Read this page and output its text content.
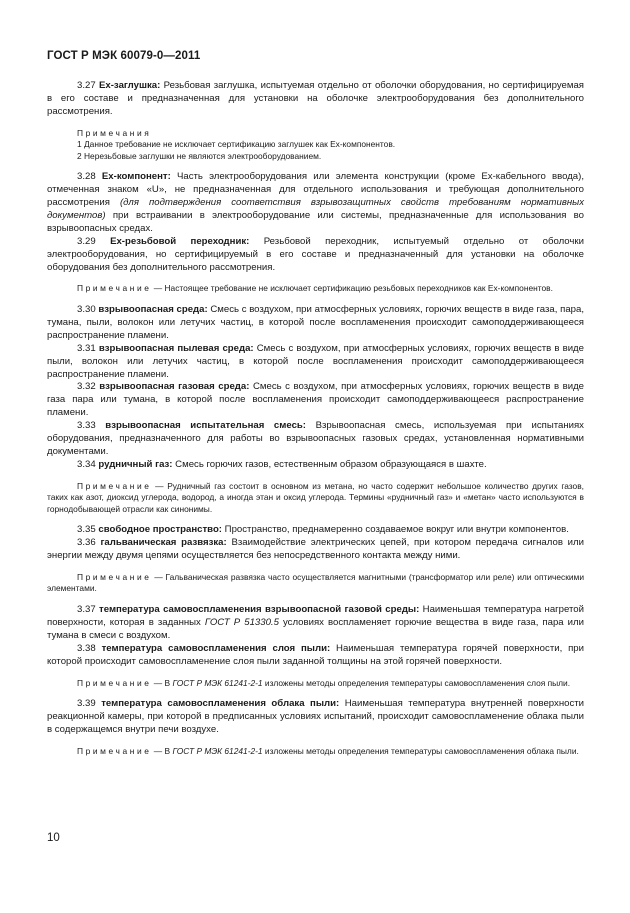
ГОСТ Р МЭК 60079-0—2011

3.27 Ex-заглушка: Резьбовая заглушка, испытуемая отдельно от оболочки оборудования, но сертифицируемая в его составе и предназначенная для установки на оболочке электрооборудования без дополнительного рассмотрения.

Примечания
1 Данное требование не исключает сертификацию заглушек как Ex-компонентов.
2 Нерезьбовые заглушки не являются электрооборудованием.

3.28 Ex-компонент: Часть электрооборудования или элемента конструкции (кроме Ex-кабельного ввода), отмеченная знаком «U», не предназначенная для отдельного использования и требующая дополнительного рассмотрения (для подтверждения соответствия взрывозащитных свойств требованиям нормативных документов) при встраивании в электрооборудование или системы, предназначенные для использования во взрывоопасных средах.

3.29 Ex-резьбовой переходник: Резьбовой переходник, испытуемый отдельно от оболочки электрооборудования, но сертифицируемый в его составе и предназначенный для установки на оболочке оборудования без дополнительного рассмотрения.

Примечание — Настоящее требование не исключает сертификацию резьбовых переходников как Ex-компонентов.

3.30 взрывоопасная среда: Смесь с воздухом, при атмосферных условиях, горючих веществ в виде газа, пара, тумана, пыли, волокон или летучих частиц, в которой после воспламенения происходит самоподдерживающееся распространение пламени.

3.31 взрывоопасная пылевая среда: Смесь с воздухом, при атмосферных условиях, горючих веществ в виде пыли, волокон или летучих частиц, в которой после воспламенения происходит самоподдерживающееся распространение пламени.

3.32 взрывоопасная газовая среда: Смесь с воздухом, при атмосферных условиях, горючих веществ в виде газа пара или тумана, в которой после воспламенения происходит самоподдерживающееся распространение пламени.

3.33 взрывоопасная испытательная смесь: Взрывоопасная смесь, используемая при испытаниях оборудования, предназначенного для работы во взрывоопасных газовых средах, установленная нормативными документами.

3.34 рудничный газ: Смесь горючих газов, естественным образом образующаяся в шахте.

Примечание — Рудничный газ состоит в основном из метана, но часто содержит небольшое количество других газов, таких как азот, диоксид углерода, водород, а иногда этан и оксид углерода. Термины «рудничный газ» и «метан» часто используются в горнодобывающей отрасли как синонимы.

3.35 свободное пространство: Пространство, преднамеренно создаваемое вокруг или внутри компонентов.

3.36 гальваническая развязка: Взаимодействие электрических цепей, при котором передача сигналов или энергии между двумя цепями осуществляется без непосредственного контакта между ними.

Примечание — Гальваническая развязка часто осуществляется магнитными (трансформатор или реле) или оптическими элементами.

3.37 температура самовоспламенения взрывоопасной газовой среды: Наименьшая температура нагретой поверхности, которая в заданных ГОСТ Р 51330.5 условиях воспламеняет горючие вещества в виде газа, пара или тумана в смеси с воздухом.

3.38 температура самовоспламенения слоя пыли: Наименьшая температура горячей поверхности, при которой происходит самовоспламенение слоя пыли заданной толщины на этой горячей поверхности.

Примечание — В ГОСТ Р МЭК 61241-2-1 изложены методы определения температуры самовоспламенения слоя пыли.

3.39 температура самовоспламенения облака пыли: Наименьшая температура внутренней поверхности реакционной камеры, при которой в предписанных условиях испытаний, происходит самовоспламенение облака пыли в содержащемся внутри печи воздухе.

Примечание — В ГОСТ Р МЭК 61241-2-1 изложены методы определения температуры самовоспламенения облака пыли.

10
